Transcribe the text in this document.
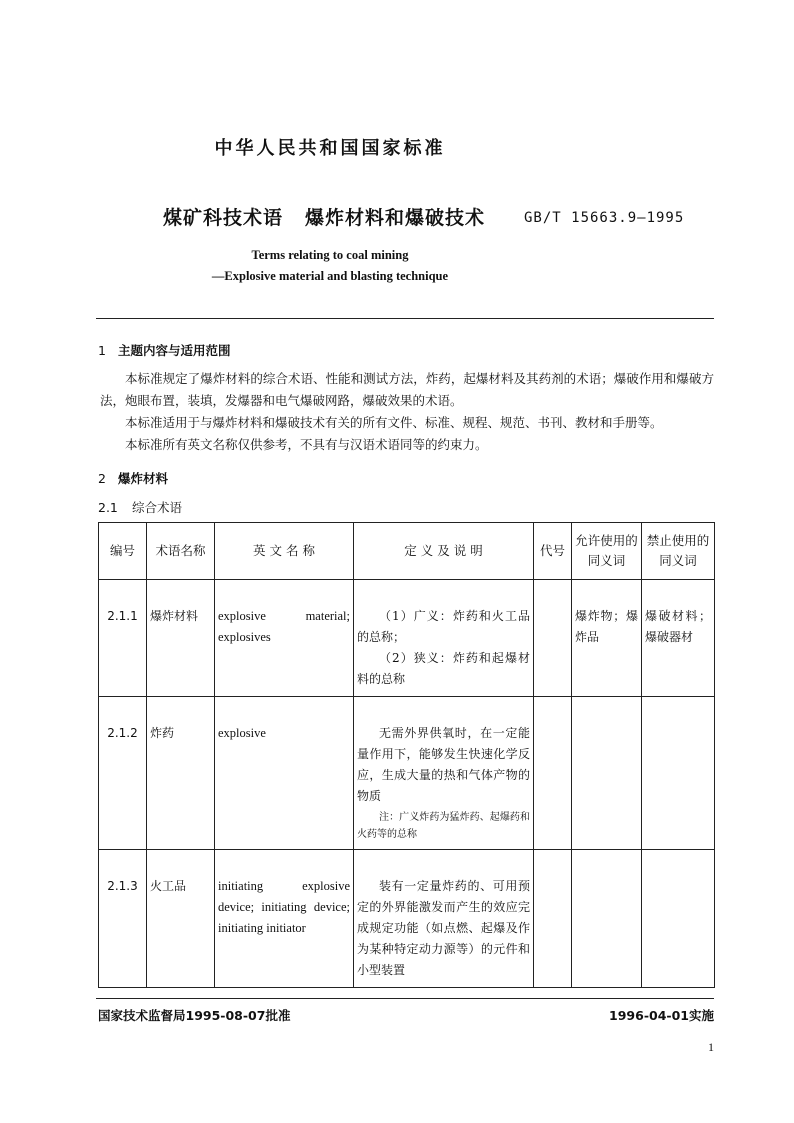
中华人民共和国国家标准
煤矿科技术语 爆炸材料和爆破技术	GB/T 15663.9—1995
Terms relating to coal mining
—Explosive material and blasting technique
1 主题内容与适用范围

本标准规定了爆炸材料的综合术语、性能和测试方法，炸药，起爆材料及其药剂的术语；爆破作用和爆破方法，炮眼布置，装填，发爆器和电气爆破网路，爆破效果的术语。

本标准适用于与爆炸材料和爆破技术有关的所有文件、标准、规程、规范、书刊、教材和手册等。

本标准所有英文名称仅供参考，不具有与汉语术语同等的约束力。

2 爆炸材料
2.1 综合术语
编号	术语名称	英 文 名 称	定 义 及 说 明	代号	允许使用的同义词	禁止使用的同义词
2.1.1	爆炸材料	explosive material; explosives	（1）广义：炸药和火工品的总称；
（2）狭义：炸药和起爆材料的总称		爆炸物；爆炸品	爆破材料；爆破器材
2.1.2	炸药	explosive	无需外界供氧时，在一定能量作用下，能够发生快速化学反应，生成大量的热和气体产物的物质
注：广义炸药为猛炸药、起爆药和火药等的总称			

2.1.3	火工品	initiating explosive device; initiating device; initiating initiator	装有一定量炸药的、可用预定的外界能激发而产生的效应完成规定功能（如点燃、起爆及作为某种特定动力源等）的元件和小型装置			

国家技术监督局1995-08-07批准	1996-04-01实施
1
